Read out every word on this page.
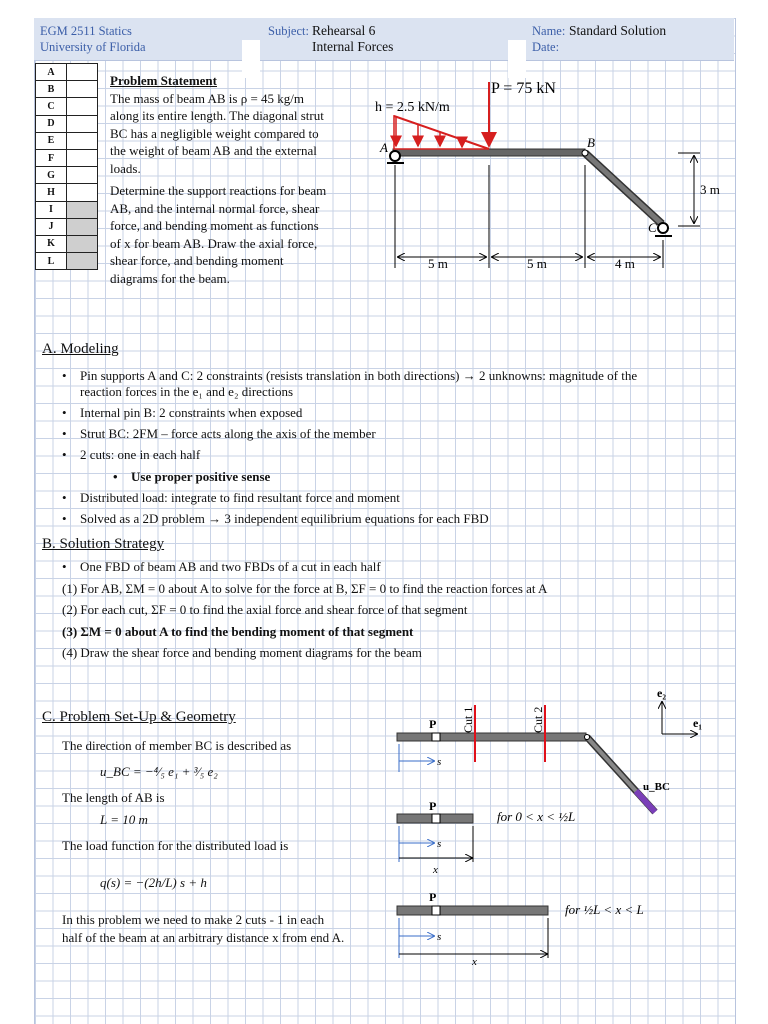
EGM 2511 Statics
University of Florida
Subject: Rehearsal 6
Internal Forces
Name: Standard Solution
Date:
A	
B	
C	
D	
E	
F	
G	
H	
I	
J	
K	
L	
Problem Statement
The mass of beam AB is ρ = 45 kg/m
along its entire length. The diagonal strut
BC has a negligible weight compared to
the weight of beam AB and the external
loads.
Determine the support reactions for beam
AB, and the internal normal force, shear
force, and bending moment as functions
of x for beam AB. Draw the axial force,
shear force, and bending moment
diagrams for the beam.
P = 75 kN
h = 2.5 kN/m
A	B
C
5 m	5 m	4 m
3 m
A. Modeling
• Pin supports A and C: 2 constraints (resists translation in both directions) → 2 unknowns: magnitude of the
reaction forces in the e₁ and e₂ directions
• Internal pin B: 2 constraints when exposed
• Strut BC: 2FM – force acts along the axis of the member
• 2 cuts: one in each half
• Use proper positive sense
• Distributed load: integrate to find resultant force and moment
• Solved as a 2D problem → 3 independent equilibrium equations for each FBD
B. Solution Strategy
• One FBD of beam AB and two FBDs of a cut in each half
(1) For AB, ΣM = 0 about A to solve for the force at B, ΣF = 0 to find the reaction forces at A
(2) For each cut, ΣF = 0 to find the axial force and shear force of that segment
(3) ΣM = 0 about A to find the bending moment of that segment
(4) Draw the shear force and bending moment diagrams for the beam
C. Problem Set-Up & Geometry
The direction of member BC is described as
u_BC = −⁴⁄₅ e₁ + ³⁄₅ e₂
The length of AB is
L = 10 m
The load function for the distributed load is
q(s) = −(2h/L) s + h
In this problem we need to make 2 cuts - 1 in each
half of the beam at an arbitrary distance x from end A.
e₂
e₁
u_BC
P Cut 1	Cut 2
s
P
s
x
for 0 < x < ½L
P
s
x
for ½L < x < L
